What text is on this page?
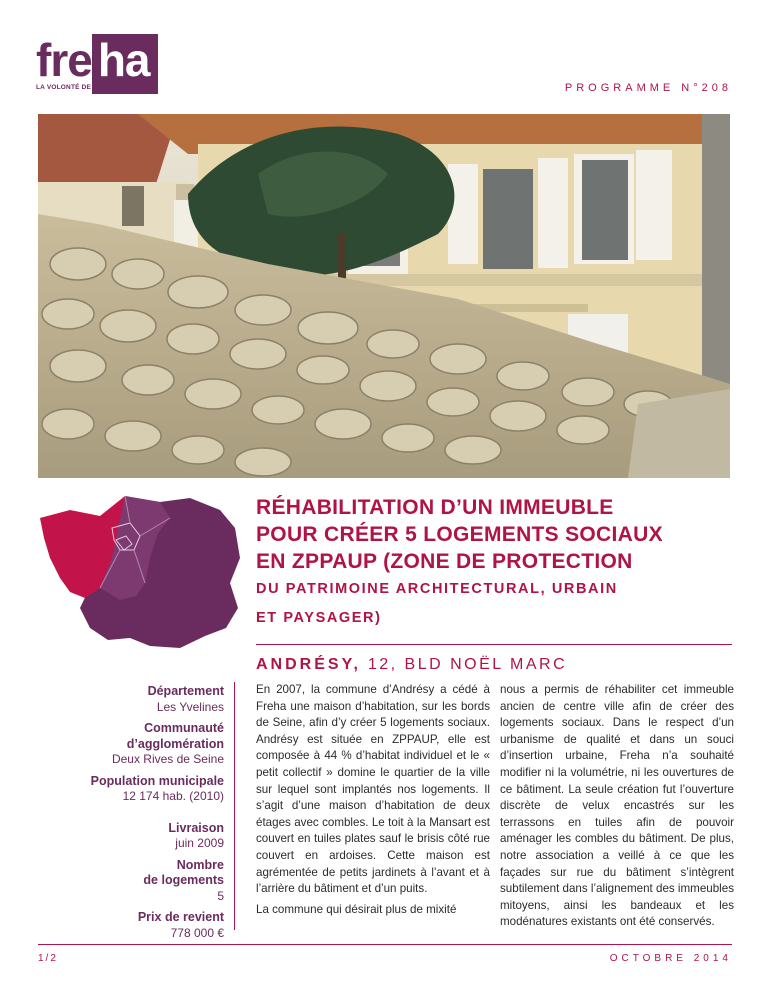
fre ha
LA VOLONTÉ DE LOGER	PROGRAMME N°208
RÉHABILITATION D’UN IMMEUBLE
POUR CRÉER 5 LOGEMENTS SOCIAUX
EN ZPPAUP (ZONE DE PROTECTION
DU PATRIMOINE ARCHITECTURAL, URBAIN
ET PAYSAGER)
ANDRÉSY, 12, BLD NOËL MARC
Département
Les Yvelines
Communauté
d’agglomération
Deux Rives de Seine
Population municipale
12 174 hab. (2010)
Livraison
juin 2009
Nombre
de logements
5
Prix de revient
778 000 €

En 2007, la commune d’Andrésy a cédé à Freha une maison d’habitation, sur les bords de Seine, afin d’y créer 5 logements sociaux. Andrésy est située en ZPPAUP, elle est composée à 44 % d’habitat individuel et le « petit collectif » domine le quartier de la ville sur lequel sont implantés nos logements. Il s’agit d’une maison d’habitation de deux étages avec combles. Le toit à la Mansart est couvert en tuiles plates sauf le brisis côté rue couvert en ardoises. Cette maison est agrémentée de petits jardinets à l’avant et à l’arrière du bâtiment et d’un puits.

La commune qui désirait plus de mixité

nous a permis de réhabiliter cet immeuble ancien de centre ville afin de créer des logements sociaux. Dans le respect d’un urbanisme de qualité et dans un souci d’insertion urbaine, Freha n’a souhaité modifier ni la volumétrie, ni les ouvertures de ce bâtiment. La seule création fut l’ouverture discrète de velux encastrés sur les terrassons en tuiles afin de pouvoir aménager les combles du bâtiment. De plus, notre association a veillé à ce que les façades sur rue du bâtiment s’intègrent subtilement dans l’alignement des immeubles mitoyens, ainsi les bandeaux et les modénatures existants ont été conservés.

1/2	OCTOBRE 2014
